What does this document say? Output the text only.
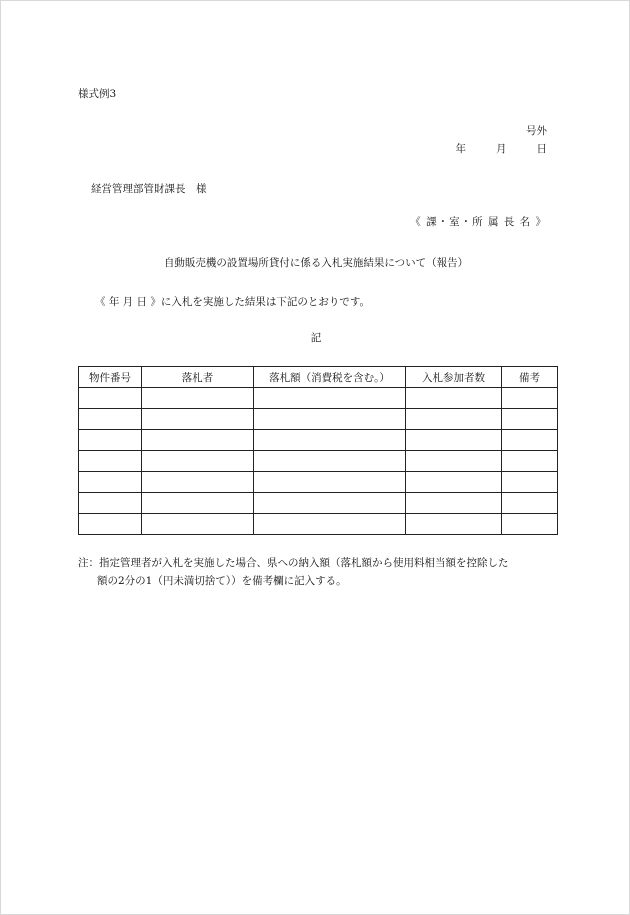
様式例3
号外
年	月	日
経営管理部管財課長　様
《 課・室・所 属 長 名 》
自動販売機の設置場所貸付に係る入札実施結果について（報告）
《 年 月 日 》に入札を実施した結果は下記のとおりです。
記
物件番号	落札者	落札額（消費税を含む。）	入札参加者数	備考

注：指定管理者が入札を実施した場合、県への納入額（落札額から使用料相当額を控除した
額の2分の1（円未満切捨て））を備考欄に記入する。
